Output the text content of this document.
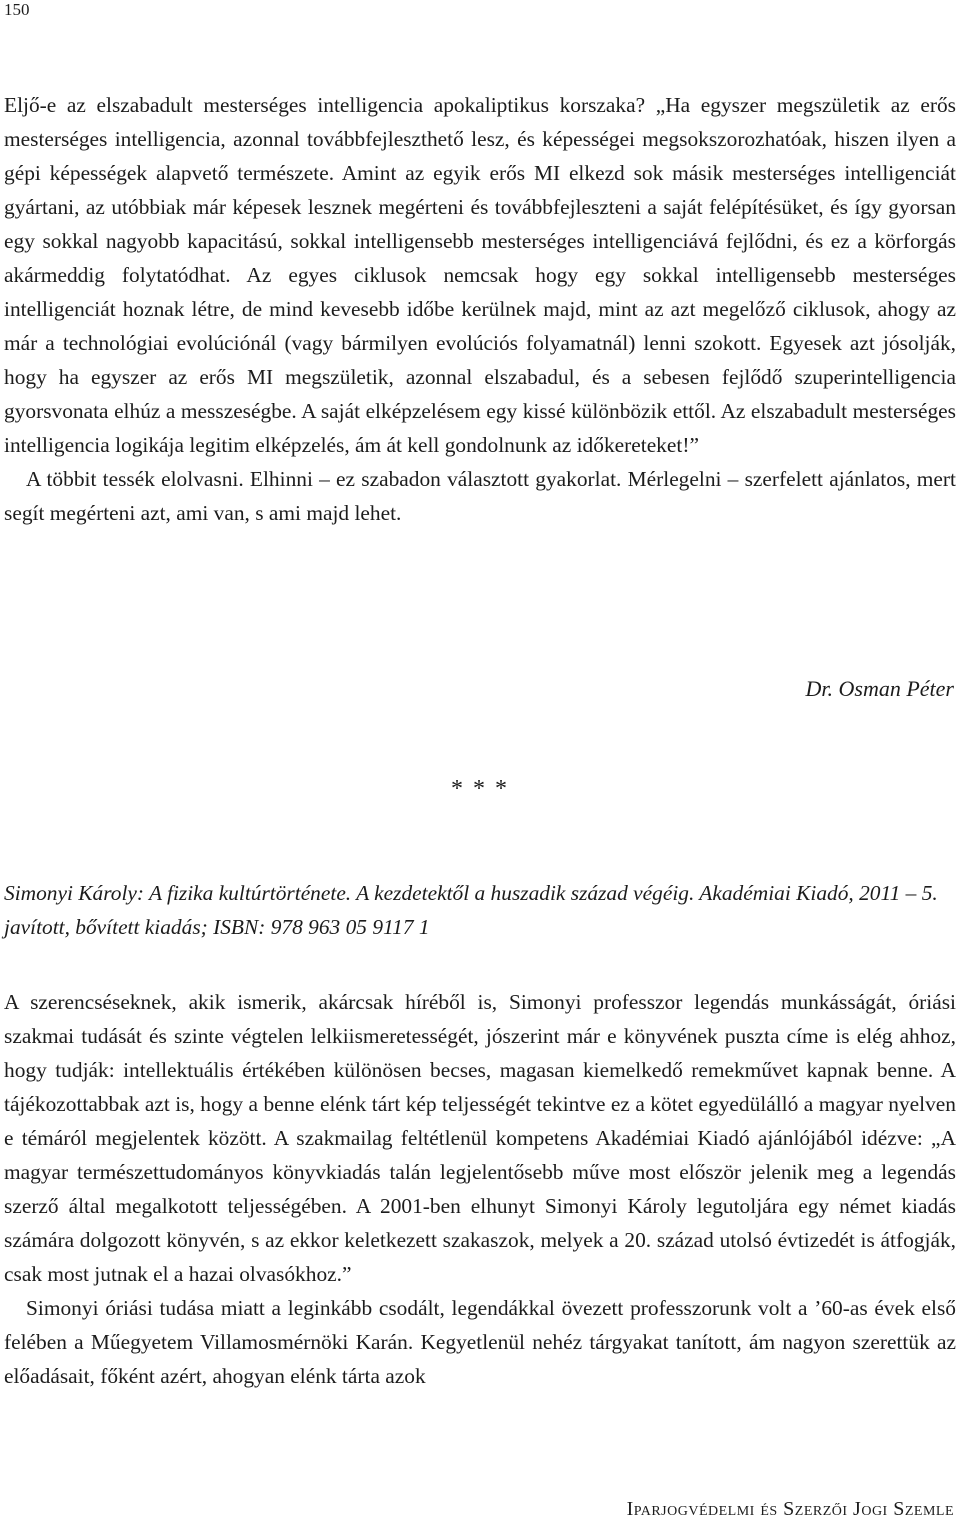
150

Eljő-e az elszabadult mesterséges intelligencia apokaliptikus korszaka? „Ha egyszer megszületik az erős mesterséges intelligencia, azonnal továbbfejleszthető lesz, és képességei megsokszorozhatóak, hiszen ilyen a gépi képességek alapvető természete. Amint az egyik erős MI elkezd sok másik mesterséges intelligenciát gyártani, az utóbbiak már képesek lesznek megérteni és továbbfejleszteni a saját felépítésüket, és így gyorsan egy sokkal nagyobb kapacitású, sokkal intelligensebb mesterséges intelligenciává fejlődni, és ez a körforgás akármeddig folytatódhat. Az egyes ciklusok nemcsak hogy egy sokkal intelligensebb mesterséges intelligenciát hoznak létre, de mind kevesebb időbe kerülnek majd, mint az azt megelőző ciklusok, ahogy az már a technológiai evolúciónál (vagy bármilyen evolúciós folyamatnál) lenni szokott. Egyesek azt jósolják, hogy ha egyszer az erős MI megszületik, azonnal elszabadul, és a sebesen fejlődő szuperintelligencia gyorsvonata elhúz a messzeségbe. A saját elképzelésem egy kissé különbözik ettől. Az elszabadult mesterséges intelligencia logikája legitim elképzelés, ám át kell gondolnunk az időkereteket!”

A többit tessék elolvasni. Elhinni – ez szabadon választott gyakorlat. Mérlegelni – szerfelett ajánlatos, mert segít megérteni azt, ami van, s ami majd lehet.

Dr. Osman Péter
* * *

Simonyi Károly: A fizika kultúrtörténete. A kezdetektől a huszadik század végéig. Akadémiai Kiadó, 2011 – 5. javított, bővített kiadás; ISBN: 978 963 05 9117 1

A szerencséseknek, akik ismerik, akárcsak híréből is, Simonyi professzor legendás munkásságát, óriási szakmai tudását és szinte végtelen lelkiismeretességét, jószerint már e könyvének puszta címe is elég ahhoz, hogy tudják: intellektuális értékében különösen becses, magasan kiemelkedő remekművet kapnak benne. A tájékozottabbak azt is, hogy a benne elénk tárt kép teljességét tekintve ez a kötet egyedülálló a magyar nyelven e témáról megjelentek között. A szakmailag feltétlenül kompetens Akadémiai Kiadó ajánlójából idézve: „A magyar természettudományos könyvkiadás talán legjelentősebb műve most először jelenik meg a legendás szerző által megalkotott teljességében. A 2001-ben elhunyt Simonyi Károly legutoljára egy német kiadás számára dolgozott könyvén, s az ekkor keletkezett szakaszok, melyek a 20. század utolsó évtizedét is átfogják, csak most jutnak el a hazai olvasókhoz.”

Simonyi óriási tudása miatt a leginkább csodált, legendákkal övezett professzorunk volt a ’60-as évek első felében a Műegyetem Villamosmérnöki Karán. Kegyetlenül nehéz tárgyakat tanított, ám nagyon szerettük az előadásait, főként azért, ahogyan elénk tárta azok

Iparjogvédelmi és Szerzői Jogi Szemle
